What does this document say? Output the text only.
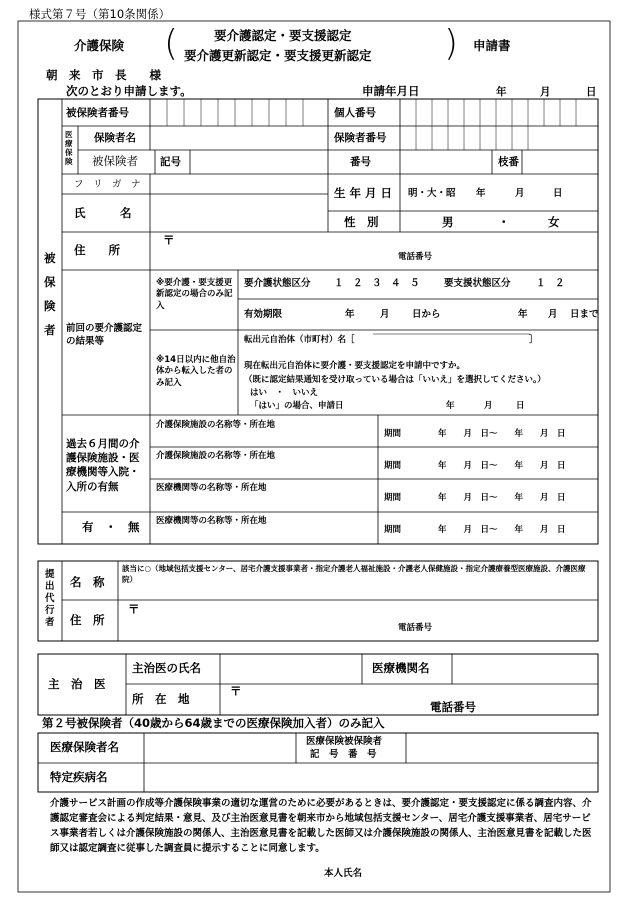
様式第７号（第10条関係）
介護保険 (	要介護認定・要支援認定
要介護更新認定・要支援更新認定 ) 申請書
朝　来　市　長　　様
次のとおり申請します。	申請年月日	年	月	日
被保険者
被保険者番号	個人番号
医療保険
保険者名	保険者番号
被保険者 記号	番号	枝番
フ　リ　ガ　ナ
氏　　　名
生 年 月 日 明・大・昭 年	月	日
性　別	男	・	女
住　　所
〒
電話番号
前回の要介護認定の結果等
※要介護・要支援更新認定の場合のみ記入
要介護状態区分 １　２　３　４　５	要支援状態区分	１　２
有効期限	年	月 日から	年 月 日まで
※14日以内に他自治体から転入した者のみ記入
転出元自治体（市町村）名［	］
現在転出元自治体に要介護・要支援認定を申請中ですか。
（既に認定結果通知を受け取っている場合は「いいえ」を選択してください。）
はい　・　いいえ
「はい」の場合、申請日	年	月	日
過去６月間の介護保険施設・医療機関等入院・入所の有無
有　・　無
介護保険施設の名称等・所在地
期間	年　　月　日～　　年　　月　日
介護保険施設の名称等・所在地
期間	年　　月　日～　　年　　月　日
医療機関等の名称等・所在地
期間	年　　月　日～　　年　　月　日
医療機関等の名称等・所在地
期間	年　　月　日～　　年　　月　日
提出代行者
名　称
該当に○（地域包括支援センター、居宅介護支援事業者・指定介護老人福祉施設・介護老人保健施設・指定介護療養型医療施設、介護医療院）
住　所
〒
電話番号
主　治　医
主治医の氏名	医療機関名
所　在　地
〒
電話番号
第２号被保険者（40歳から64歳までの医療保険加入者）のみ記入
医療保険者名	医療保険被保険者
記　号　番　号
特定疾病名
介護サービス計画の作成等介護保険事業の適切な運営のために必要があるときは、要介護認定・要支援認定に係る調査内容、介護認定審査会による判定結果・意見、及び主治医意見書を朝来市から地域包括支援センター、居宅介護支援事業者、居宅サービス事業者若しくは介護保険施設の関係人、主治医意見書を記載した医師又は介護保険施設の関係人、主治医意見書を記載した医師又は認定調査に従事した調査員に提示することに同意します。
本人氏名
